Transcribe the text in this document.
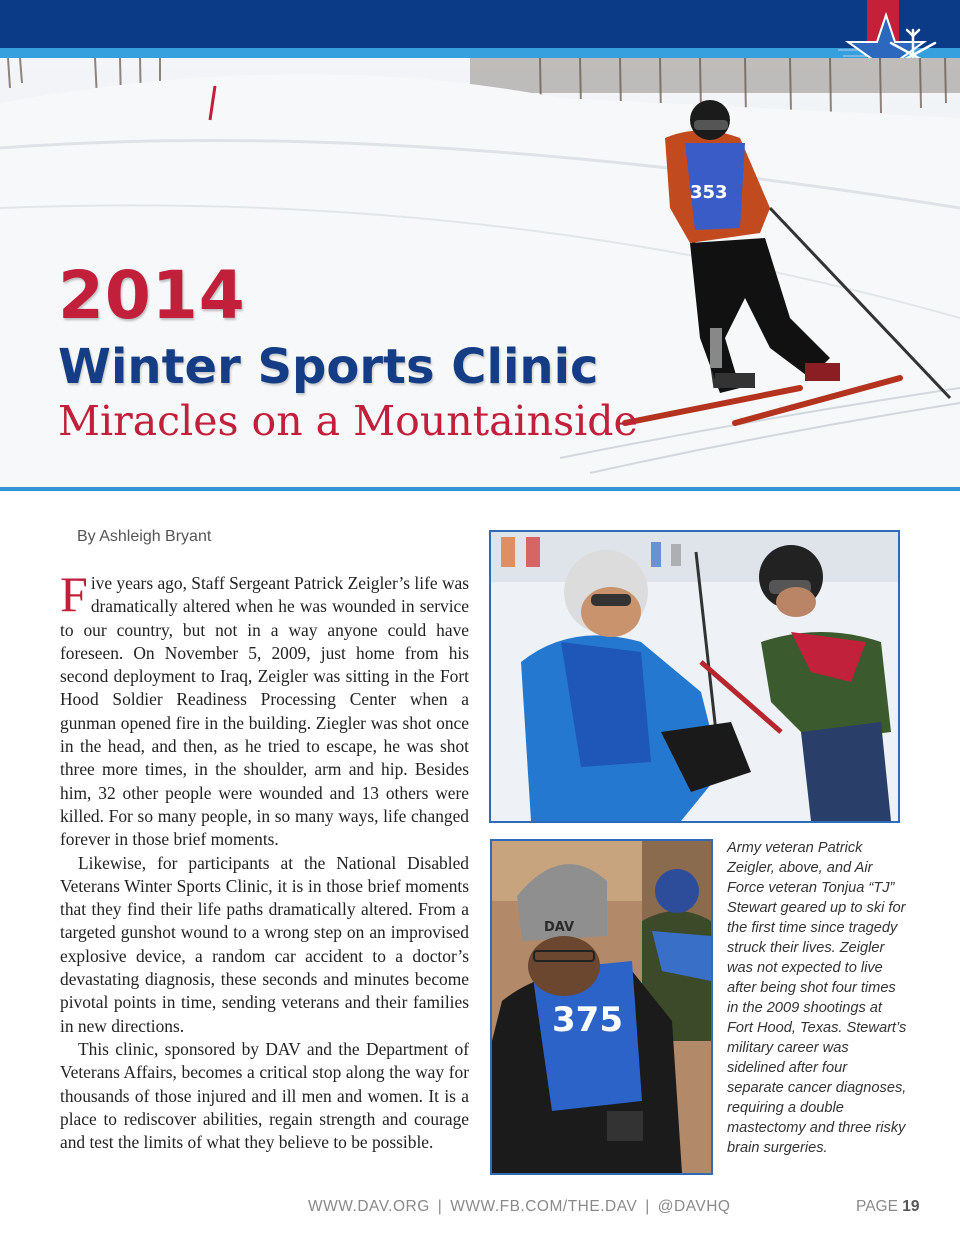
353
2014
Winter Sports Clinic
Miracles on a Mountainside
By Ashleigh Bryant

Five years ago, Staff Sergeant Patrick Zeigler’s life was dramatically altered when he was wounded in service to our country, but not in a way anyone could have foreseen. On November 5, 2009, just home from his second deployment to Iraq, Zeigler was sitting in the Fort Hood Soldier Readiness Processing Center when a gunman opened fire in the building. Ziegler was shot once in the head, and then, as he tried to escape, he was shot three more times, in the shoulder, arm and hip. Besides him, 32 other people were wounded and 13 others were killed. For so many people, in so many ways, life changed forever in those brief moments.

Likewise, for participants at the National Disabled Veterans Winter Sports Clinic, it is in those brief moments that they find their life paths dramatically altered. From a targeted gunshot wound to a wrong step on an improvised explosive device, a random car accident to a doctor’s devastating diagnosis, these seconds and minutes become pivotal points in time, sending veterans and their families in new directions.

This clinic, sponsored by DAV and the Department of Veterans Affairs, becomes a critical stop along the way for thousands of those injured and ill men and women. It is a place to rediscover abilities, regain strength and courage and test the limits of what they believe to be possible.

375
DAV
Army veteran Patrick Zeigler, above, and Air Force veteran Tonjua “TJ” Stewart geared up to ski for the first time since tragedy struck their lives. Zeigler was not expected to live after being shot four times in the 2009 shootings at Fort Hood, Texas. Stewart’s military career was sidelined after four separate cancer diagnoses, requiring a double mastectomy and three risky brain surgeries.
WWW.DAV.ORG | WWW.FB.COM/THE.DAV | @DAVHQ	PAGE 19
